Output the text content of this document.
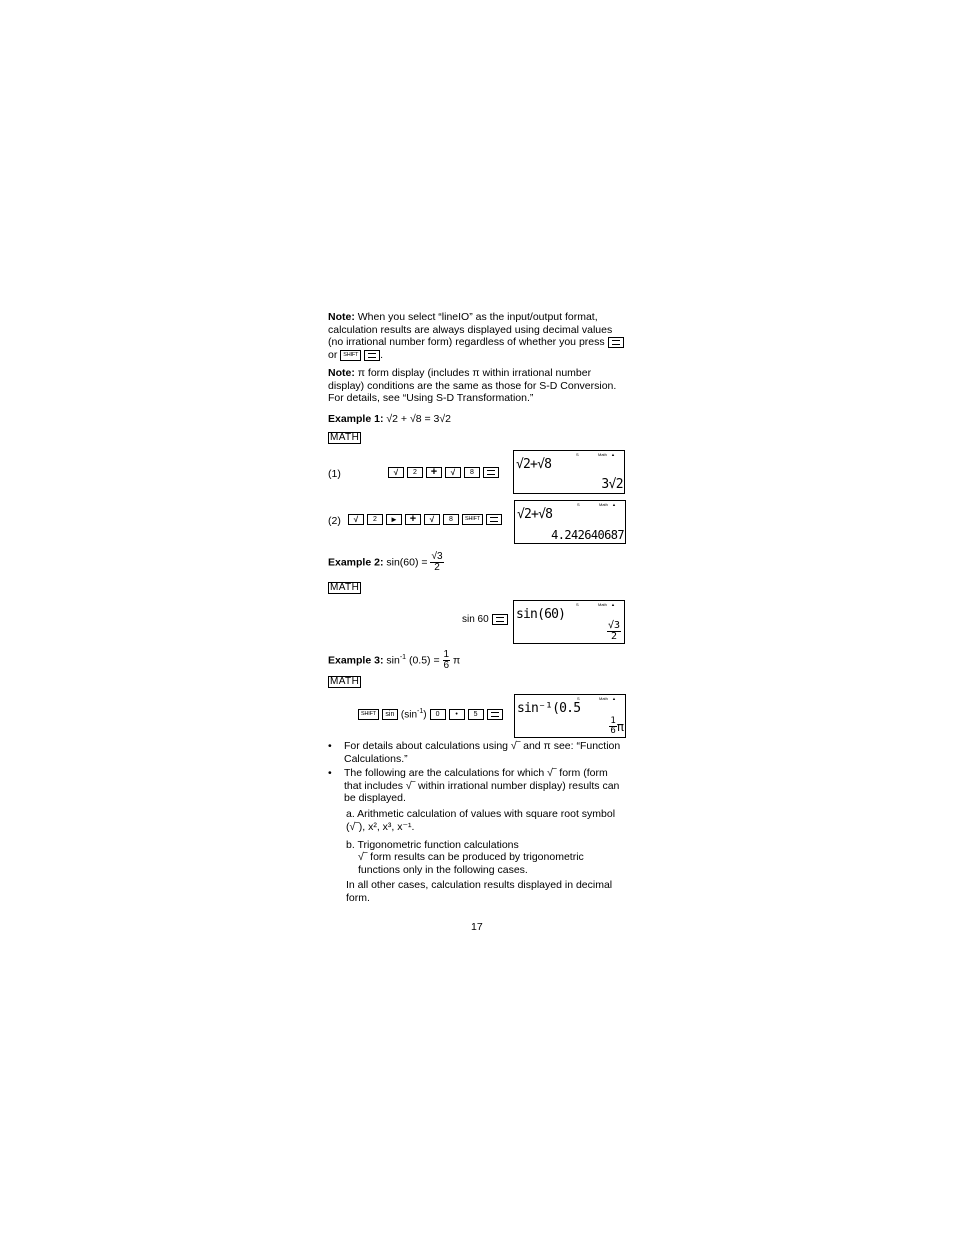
Note: When you select “lineIO” as the input/output format, calculation results are always displayed using decimal values (no irrational number form) regardless of whether you press  or SHIFT .
Note: π form display (includes π within irrational number display) conditions are the same as those for S-D Conversion. For details, see “Using S-D Transformation.”
Example 1: √2 + √8 = 3√2
MATH
(1)	√	2	+	√	8
S	Math ▲
√2+√8
3√2
(2)	√	2	►	+	√	8	SHIFT
S	Math ▲
√2+√8
4.242640687
Example 2: $\sin(60) = \frac{√3}{2}$
MATH
sin 60
S	Math ▲
sin(60)
$\frac{√3}{2}$
Example 3: $\sin^{-1} (0.5) = \frac{1}{6}$ π
MATH
SHIFT	$\sin (\sin^{-1})$	0	•	5
S	Math ▲
sin⁻¹(0.5
$\frac{1}{6}$ π
• For details about calculations using √‾ and π see: “Function Calculations.”
• The following are the calculations for which √‾ form (form that includes √‾ within irrational number display) results can be displayed.
a. Arithmetic calculation of values with square root symbol (√‾), x², x³, x⁻¹.
b. Trigonometric function calculations
√‾ form results can be produced by trigonometric functions only in the following cases.
In all other cases, calculation results displayed in decimal form.
17
